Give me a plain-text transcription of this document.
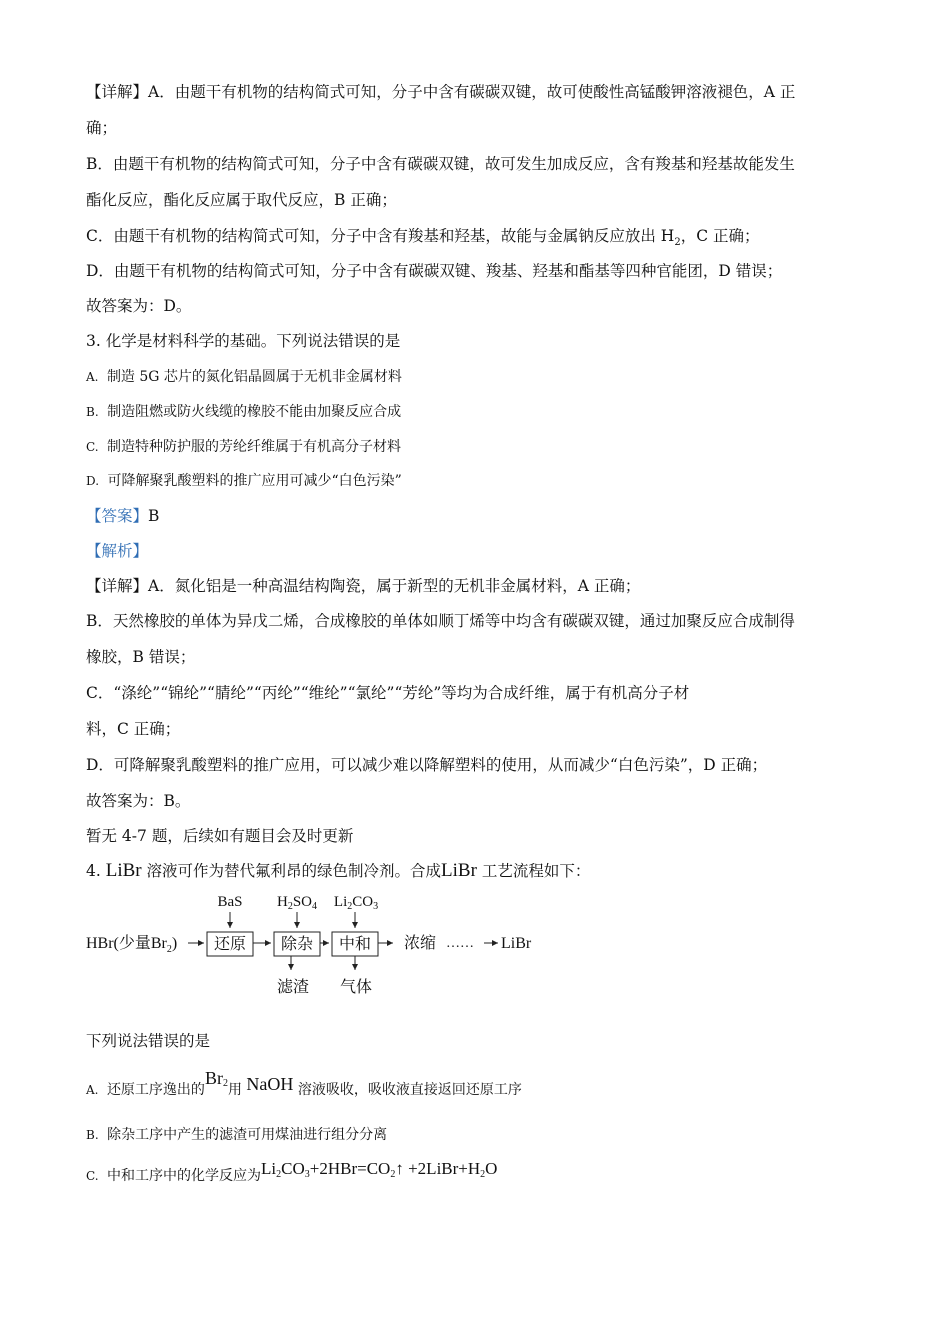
【详解】A．由题干有机物的结构简式可知，分子中含有碳碳双键，故可使酸性高锰酸钾溶液褪色，A 正
确；
B．由题干有机物的结构简式可知，分子中含有碳碳双键，故可发生加成反应，含有羧基和羟基故能发生
酯化反应，酯化反应属于取代反应，B 正确；
C．由题干有机物的结构简式可知，分子中含有羧基和羟基，故能与金属钠反应放出 $H_2$，C 正确；
D．由题干有机物的结构简式可知，分子中含有碳碳双键、羧基、羟基和酯基等四种官能团，D 错误；
故答案为：D。
3. 化学是材料科学的基础。下列说法错误的是
A. 制造 5G 芯片的氮化铝晶圆属于无机非金属材料
B. 制造阻燃或防火线缆的橡胶不能由加聚反应合成
C. 制造特种防护服的芳纶纤维属于有机高分子材料
D. 可降解聚乳酸塑料的推广应用可减少“白色污染”
【答案】B
【解析】
【详解】A．氮化铝是一种高温结构陶瓷，属于新型的无机非金属材料，A 正确；
B．天然橡胶的单体为异戊二烯，合成橡胶的单体如顺丁烯等中均含有碳碳双键，通过加聚反应合成制得
橡胶，B 错误；
C．“涤纶”“锦纶”“腈纶”“丙纶”“维纶”“氯纶”“芳纶”等均为合成纤维，属于有机高分子材
料，C 正确；
D．可降解聚乳酸塑料的推广应用，可以减少难以降解塑料的使用，从而减少“白色污染”，D 正确；
故答案为：B。
暂无 4-7 题，后续如有题目会及时更新
4. LiBr 溶液可作为替代氟利昂的绿色制冷剂。合成LiBr 工艺流程如下：
HBr(少量$Br_2$) 还原 除杂 中和 浓缩 …… LiBr
BaS $H_2SO_4$ $Li_2CO_3$
滤渣 气体
下列说法错误的是
A. 还原工序逸出的$Br_2$用 NaOH 溶液吸收，吸收液直接返回还原工序
B. 除杂工序中产生的滤渣可用煤油进行组分分离
C. 中和工序中的化学反应为$Li_2CO_3+2HBr=CO_2↑$ $+2LiBr+H_2O$
